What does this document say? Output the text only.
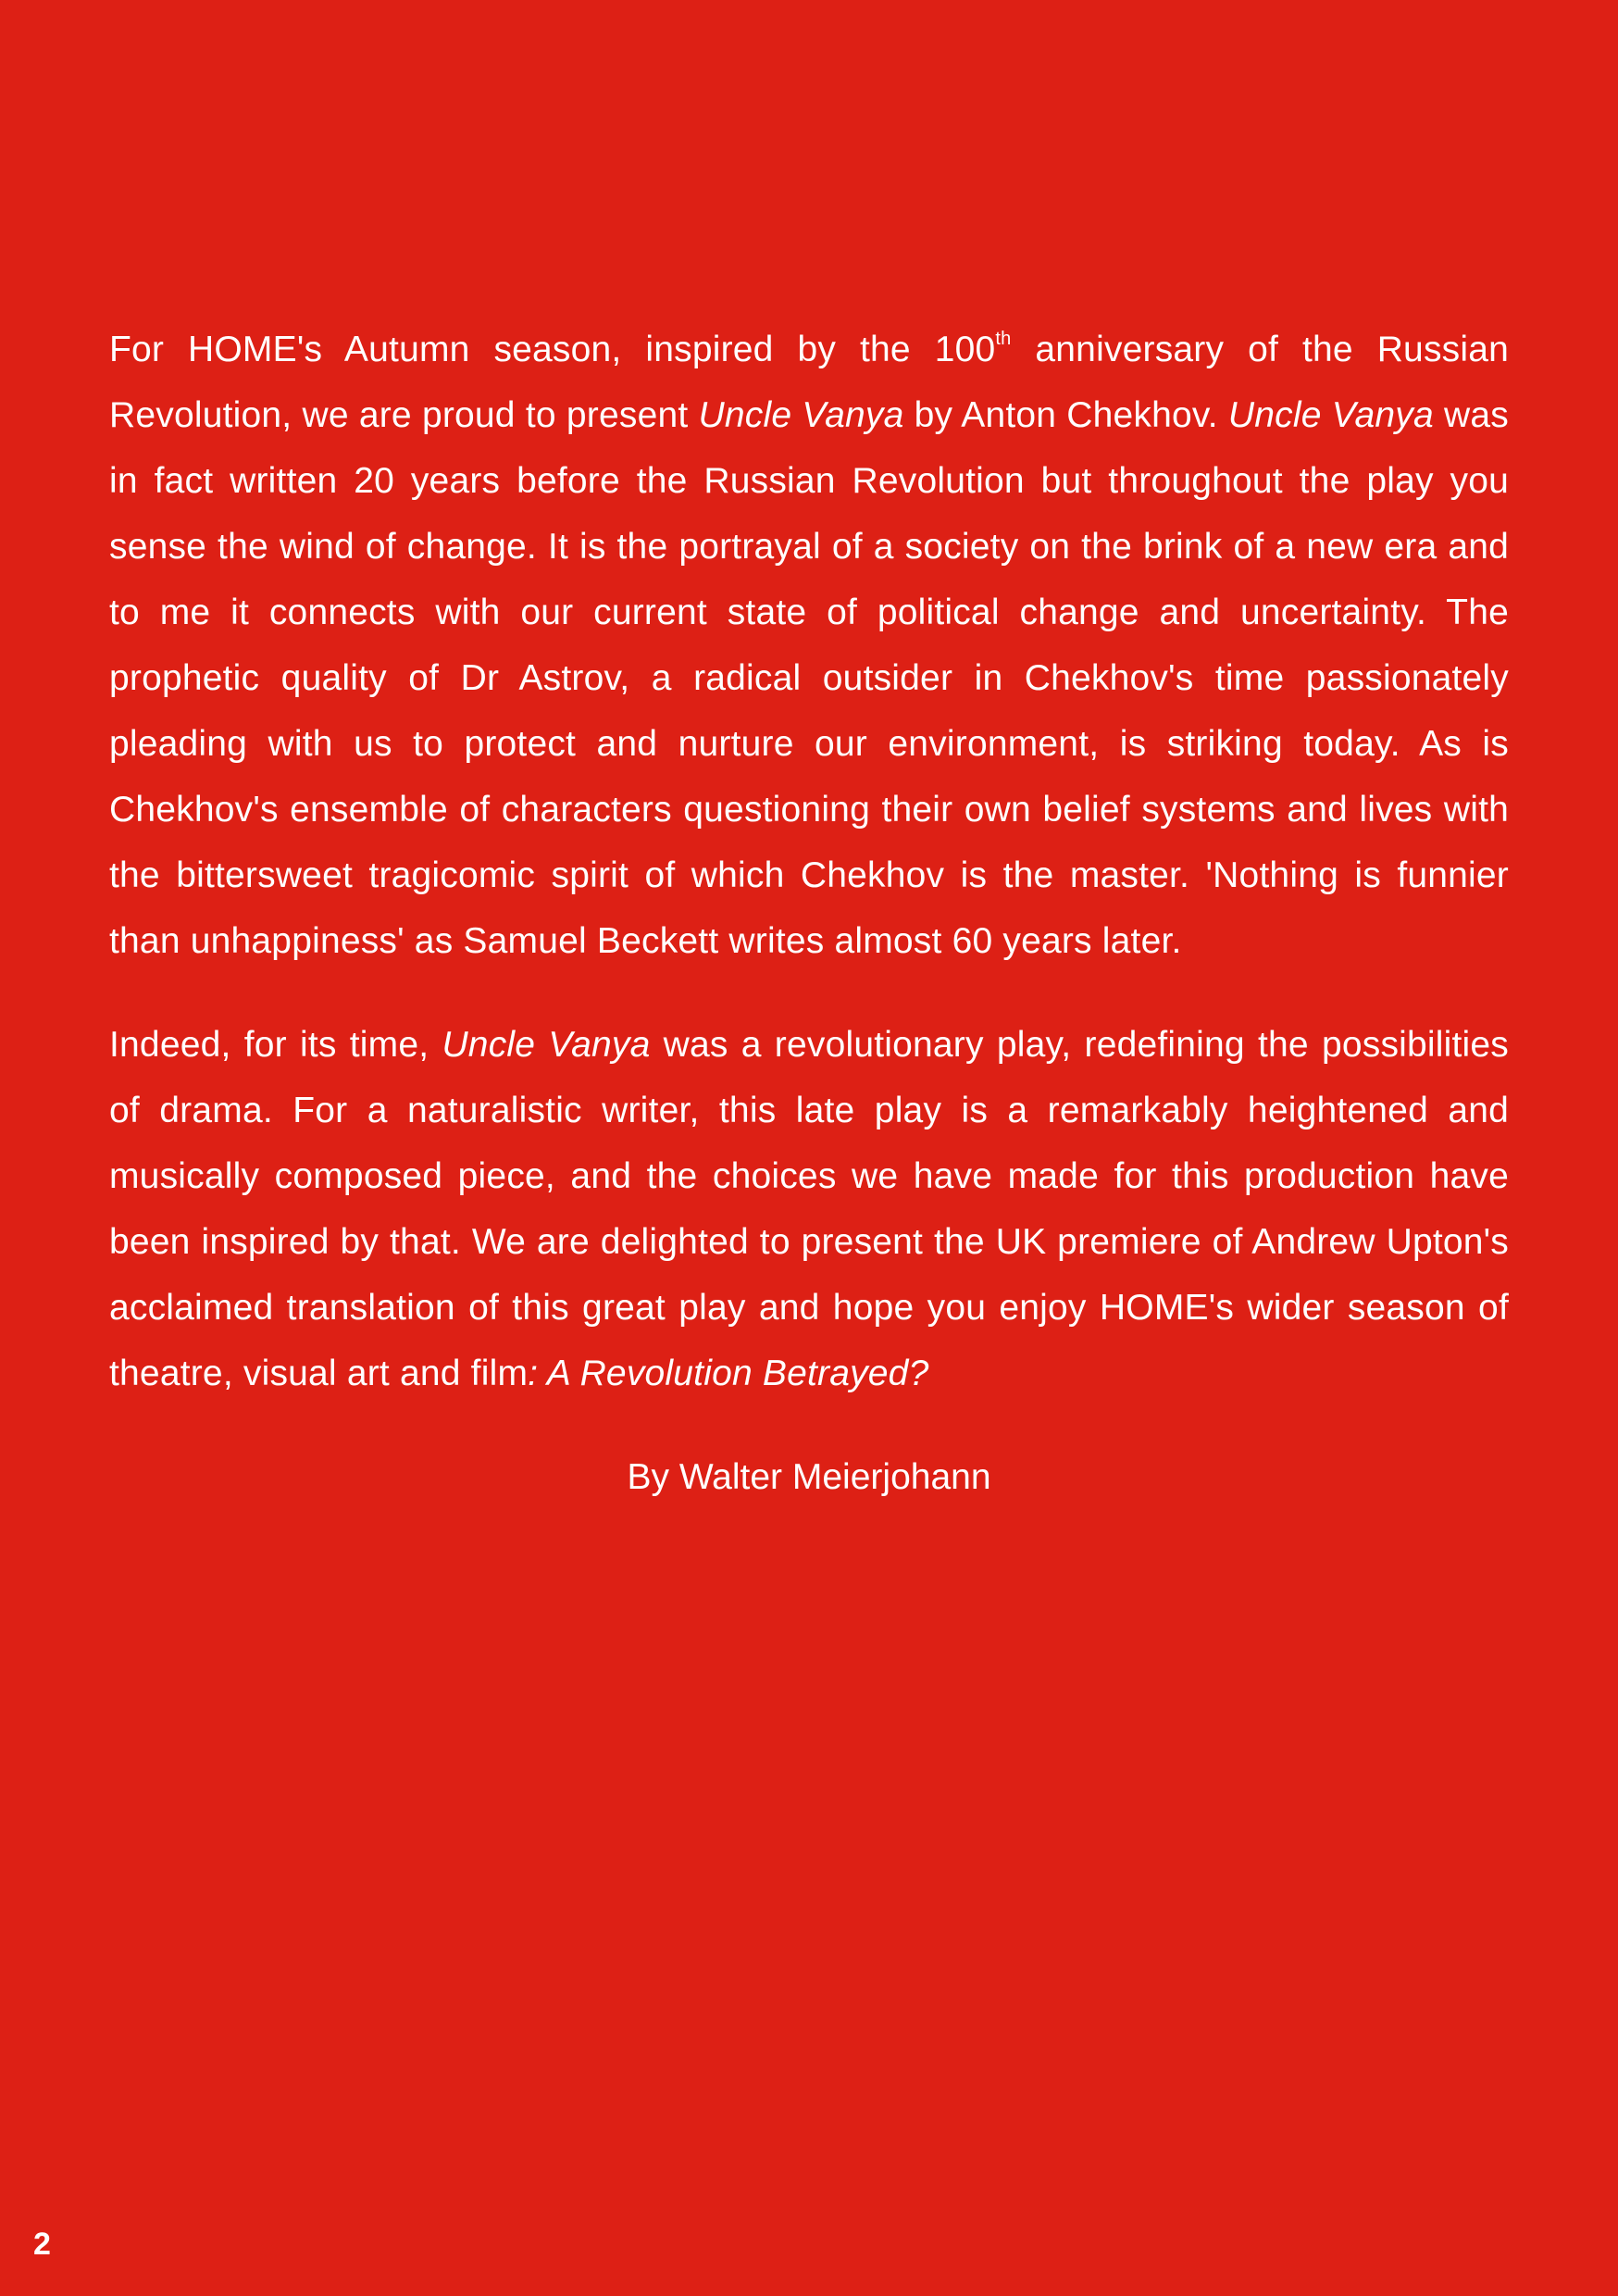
For HOME's Autumn season, inspired by the 100th anniversary of the Russian Revolution, we are proud to present Uncle Vanya by Anton Chekhov. Uncle Vanya was in fact written 20 years before the Russian Revolution but throughout the play you sense the wind of change. It is the portrayal of a society on the brink of a new era and to me it connects with our current state of political change and uncertainty. The prophetic quality of Dr Astrov, a radical outsider in Chekhov's time passionately pleading with us to protect and nurture our environment, is striking today. As is Chekhov's ensemble of characters questioning their own belief systems and lives with the bittersweet tragicomic spirit of which Chekhov is the master. 'Nothing is funnier than unhappiness' as Samuel Beckett writes almost 60 years later.

Indeed, for its time, Uncle Vanya was a revolutionary play, redefining the possibilities of drama. For a naturalistic writer, this late play is a remarkably heightened and musically composed piece, and the choices we have made for this production have been inspired by that. We are delighted to present the UK premiere of Andrew Upton's acclaimed translation of this great play and hope you enjoy HOME's wider season of theatre, visual art and film: A Revolution Betrayed?

By Walter Meierjohann

2
